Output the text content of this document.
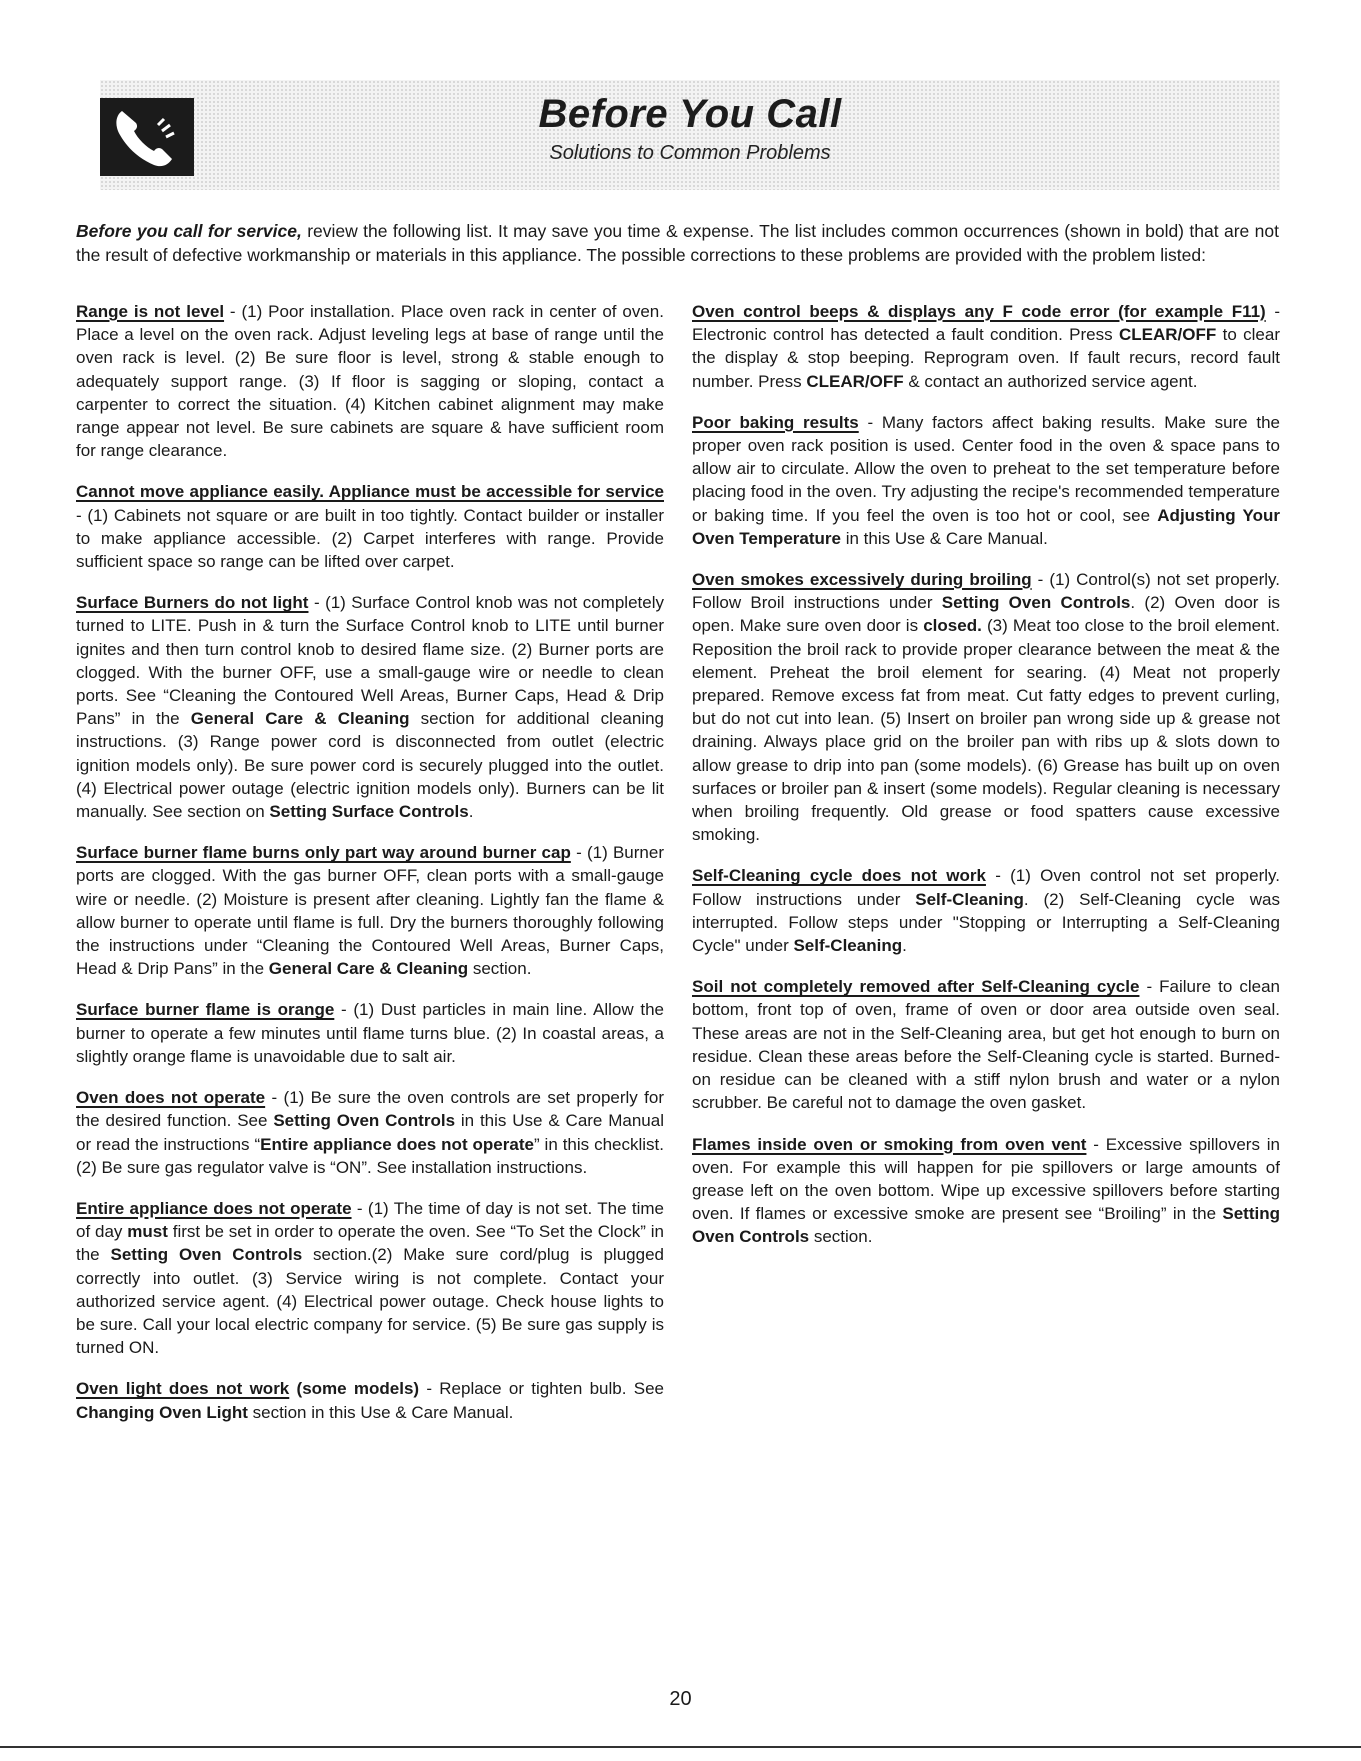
Before You Call
Solutions to Common Problems
Before you call for service, review the following list. It may save you time & expense. The list includes common occurrences (shown in bold) that are not the result of defective workmanship or materials in this appliance. The possible corrections to these problems are provided with the problem listed:

Range is not level - (1) Poor installation. Place oven rack in center of oven. Place a level on the oven rack. Adjust leveling legs at base of range until the oven rack is level. (2) Be sure floor is level, strong & stable enough to adequately support range. (3) If floor is sagging or sloping, contact a carpenter to correct the situation. (4) Kitchen cabinet alignment may make range appear not level. Be sure cabinets are square & have sufficient room for range clearance.

Cannot move appliance easily. Appliance must be accessible for service - (1) Cabinets not square or are built in too tightly. Contact builder or installer to make appliance accessible. (2) Carpet interferes with range. Provide sufficient space so range can be lifted over carpet.

Surface Burners do not light - (1) Surface Control knob was not completely turned to LITE. Push in & turn the Surface Control knob to LITE until burner ignites and then turn control knob to desired flame size. (2) Burner ports are clogged. With the burner OFF, use a small-gauge wire or needle to clean ports. See “Cleaning the Contoured Well Areas, Burner Caps, Head & Drip Pans” in the General Care & Cleaning section for additional cleaning instructions. (3) Range power cord is disconnected from outlet (electric ignition models only). Be sure power cord is securely plugged into the outlet. (4) Electrical power outage (electric ignition models only). Burners can be lit manually. See section on Setting Surface Controls.

Surface burner flame burns only part way around burner cap - (1) Burner ports are clogged. With the gas burner OFF, clean ports with a small-gauge wire or needle. (2) Moisture is present after cleaning. Lightly fan the flame & allow burner to operate until flame is full. Dry the burners thoroughly following the instructions under “Cleaning the Contoured Well Areas, Burner Caps, Head & Drip Pans” in the General Care & Cleaning section.

Surface burner flame is orange - (1) Dust particles in main line. Allow the burner to operate a few minutes until flame turns blue. (2) In coastal areas, a slightly orange flame is unavoidable due to salt air.

Oven does not operate - (1) Be sure the oven controls are set properly for the desired function. See Setting Oven Controls in this Use & Care Manual or read the instructions “Entire appliance does not operate” in this checklist. (2) Be sure gas regulator valve is “ON”. See installation instructions.

Entire appliance does not operate - (1) The time of day is not set. The time of day must first be set in order to operate the oven. See “To Set the Clock” in the Setting Oven Controls section.(2) Make sure cord/plug is plugged correctly into outlet. (3) Service wiring is not complete. Contact your authorized service agent. (4) Electrical power outage. Check house lights to be sure. Call your local electric company for service. (5) Be sure gas supply is turned ON.

Oven light does not work (some models) - Replace or tighten bulb. See Changing Oven Light section in this Use & Care Manual.

Oven control beeps & displays any F code error (for example F11) - Electronic control has detected a fault condition. Press CLEAR/OFF to clear the display & stop beeping. Reprogram oven. If fault recurs, record fault number. Press CLEAR/OFF & contact an authorized service agent.

Poor baking results - Many factors affect baking results. Make sure the proper oven rack position is used. Center food in the oven & space pans to allow air to circulate. Allow the oven to preheat to the set temperature before placing food in the oven. Try adjusting the recipe's recommended temperature or baking time. If you feel the oven is too hot or cool, see Adjusting Your Oven Temperature in this Use & Care Manual.

Oven smokes excessively during broiling - (1) Control(s) not set properly. Follow Broil instructions under Setting Oven Controls. (2) Oven door is open. Make sure oven door is closed. (3) Meat too close to the broil element. Reposition the broil rack to provide proper clearance between the meat & the element. Preheat the broil element for searing. (4) Meat not properly prepared. Remove excess fat from meat. Cut fatty edges to prevent curling, but do not cut into lean. (5) Insert on broiler pan wrong side up & grease not draining. Always place grid on the broiler pan with ribs up & slots down to allow grease to drip into pan (some models). (6) Grease has built up on oven surfaces or broiler pan & insert (some models). Regular cleaning is necessary when broiling frequently. Old grease or food spatters cause excessive smoking.

Self-Cleaning cycle does not work - (1) Oven control not set properly. Follow instructions under Self-Cleaning. (2) Self-Cleaning cycle was interrupted. Follow steps under "Stopping or Interrupting a Self-Cleaning Cycle" under Self-Cleaning.

Soil not completely removed after Self-Cleaning cycle - Failure to clean bottom, front top of oven, frame of oven or door area outside oven seal. These areas are not in the Self-Cleaning area, but get hot enough to burn on residue. Clean these areas before the Self-Cleaning cycle is started. Burned-on residue can be cleaned with a stiff nylon brush and water or a nylon scrubber. Be careful not to damage the oven gasket.

Flames inside oven or smoking from oven vent - Excessive spillovers in oven. For example this will happen for pie spillovers or large amounts of grease left on the oven bottom. Wipe up excessive spillovers before starting oven. If flames or excessive smoke are present see “Broiling” in the Setting Oven Controls section.

20
